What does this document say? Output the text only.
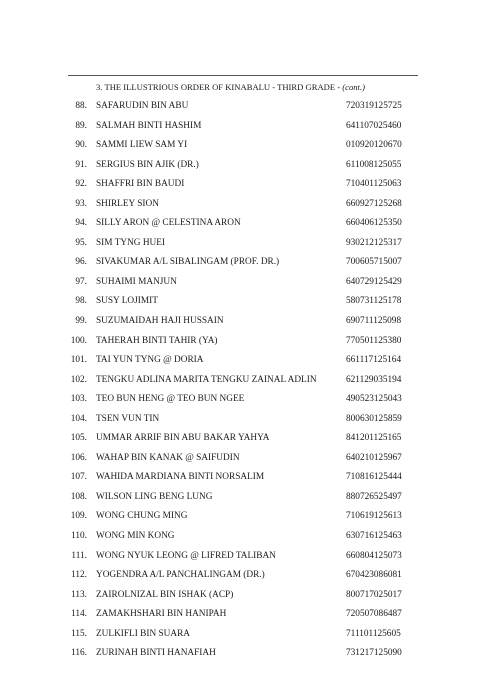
3. THE ILLUSTRIOUS ORDER OF KINABALU - THIRD GRADE - (cont.)
88. SAFARUDIN BIN ABU	720319125725
89. SALMAH BINTI HASHIM	641107025460
90. SAMMI LIEW SAM YI	010920120670
91. SERGIUS BIN AJIK (DR.)	611008125055
92. SHAFFRI BIN BAUDI	710401125063
93. SHIRLEY SION	660927125268
94. SILLY ARON @ CELESTINA ARON	660406125350
95. SIM TYNG HUEI	930212125317
96. SIVAKUMAR A/L SIBALINGAM (PROF. DR.)	700605715007
97. SUHAIMI MANJUN	640729125429
98. SUSY LOJIMIT	580731125178
99. SUZUMAIDAH HAJI HUSSAIN	690711125098
100. TAHERAH BINTI TAHIR (YA)	770501125380
101. TAI YUN TYNG @ DORIA	661117125164
102. TENGKU ADLINA MARITA TENGKU ZAINAL ADLIN	621129035194
103. TEO BUN HENG @ TEO BUN NGEE	490523125043
104. TSEN VUN TIN	800630125859
105. UMMAR ARRIF BIN ABU BAKAR YAHYA	841201125165
106. WAHAP BIN KANAK @ SAIFUDIN	640210125967
107. WAHIDA MARDIANA BINTI NORSALIM	710816125444
108. WILSON LING BENG LUNG	880726525497
109. WONG CHUNG MING	710619125613
110. WONG MIN KONG	630716125463
111. WONG NYUK LEONG @ LIFRED TALIBAN	660804125073
112. YOGENDRA A/L PANCHALINGAM (DR.)	670423086081
113. ZAIROLNIZAL BIN ISHAK (ACP)	800717025017
114. ZAMAKHSHARI BIN HANIPAH	720507086487
115. ZULKIFLI BIN SUARA	711101125605
116. ZURINAH BINTI HANAFIAH	731217125090
